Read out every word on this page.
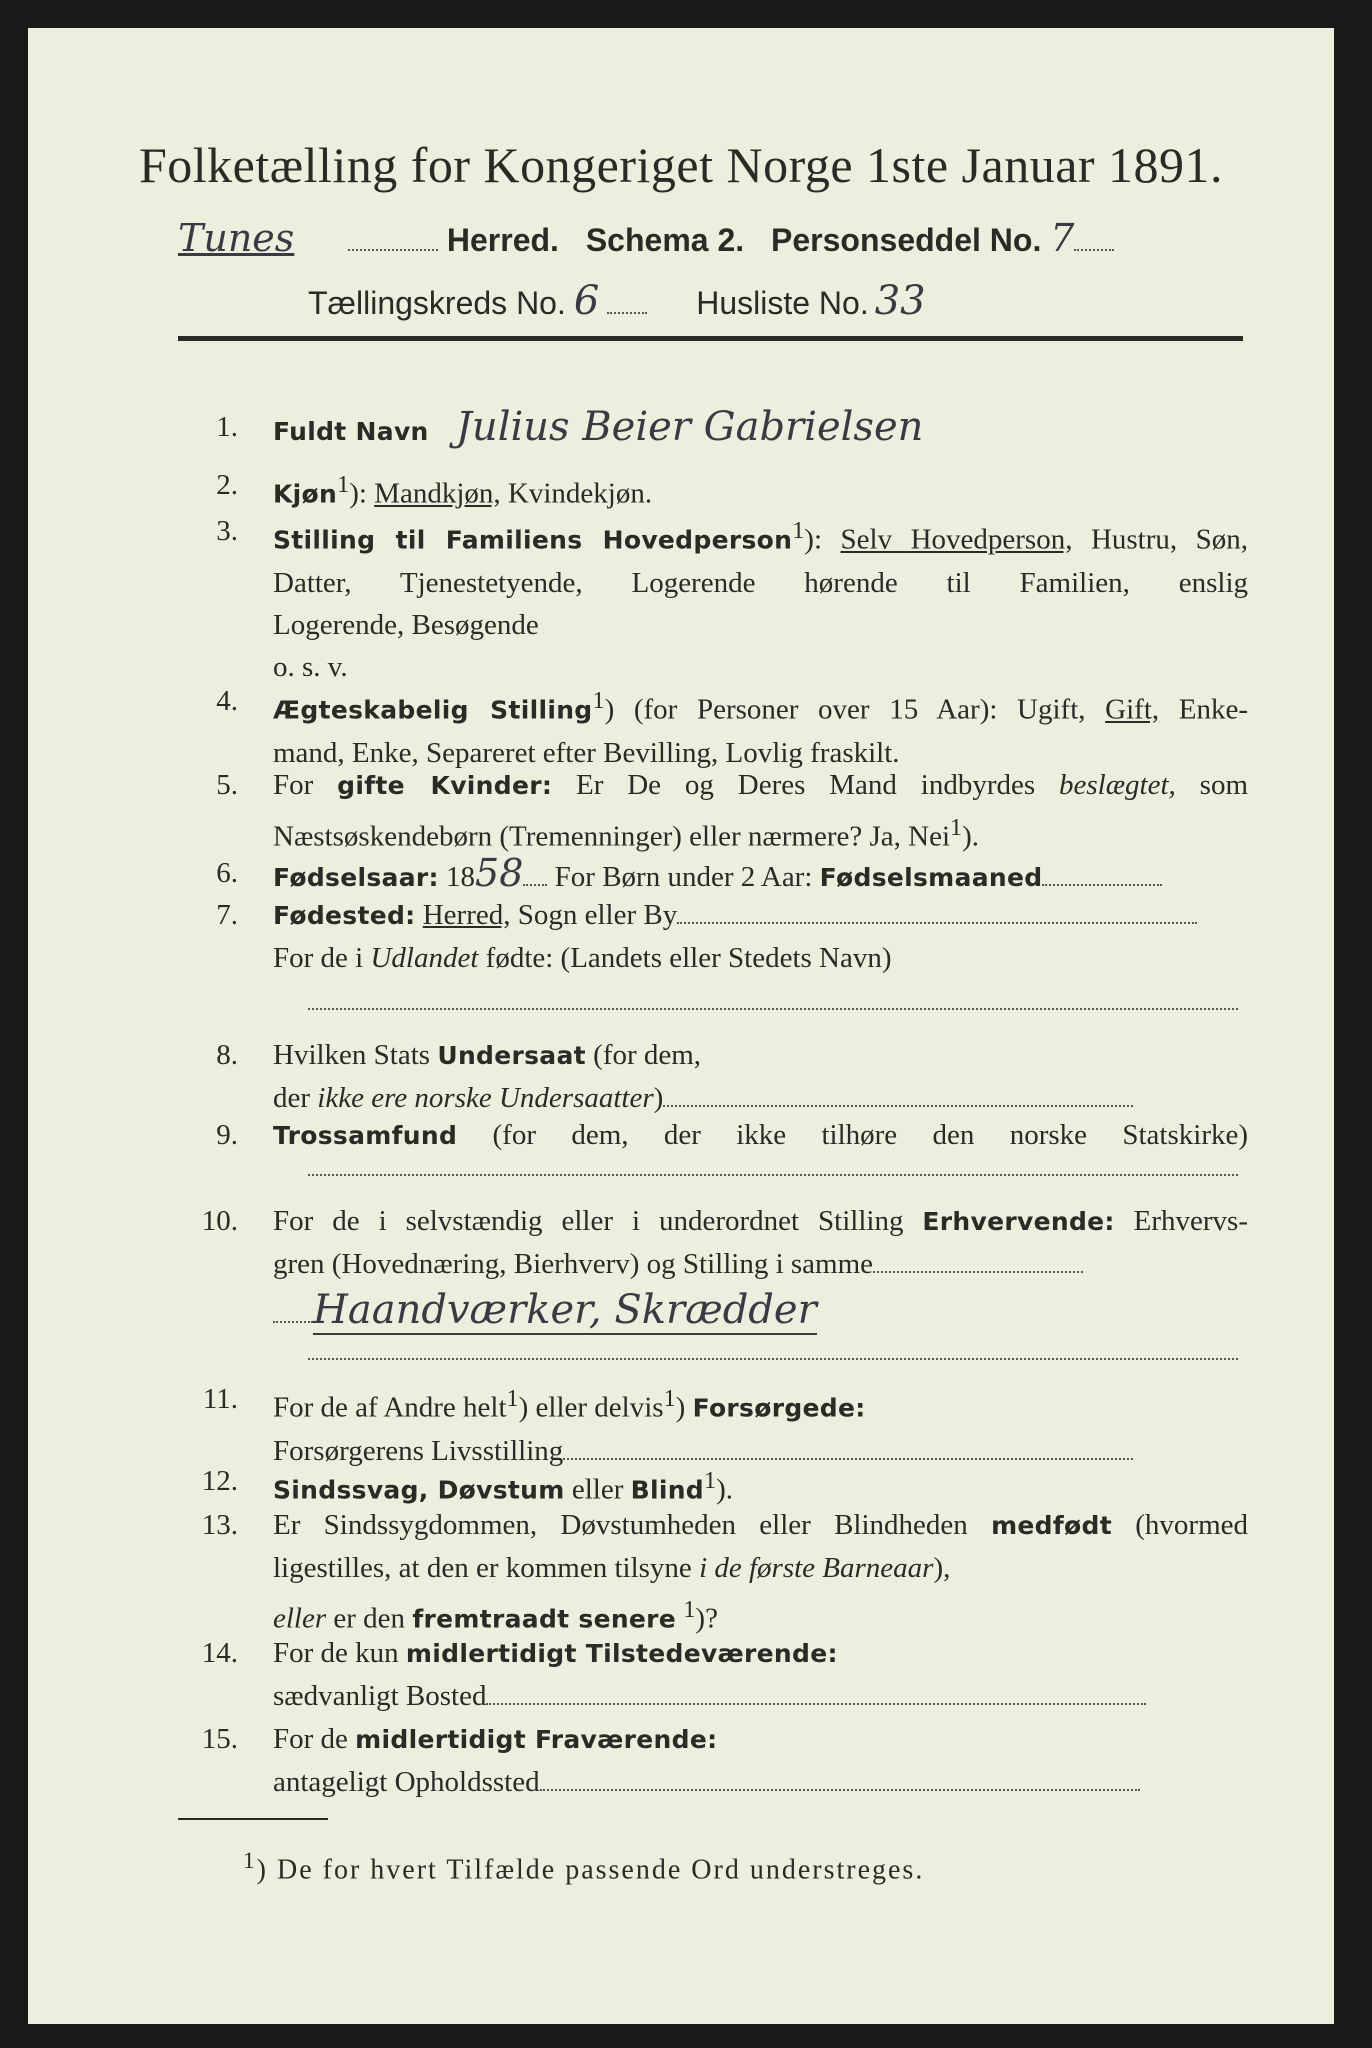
Folketælling for Kongeriget Norge 1ste Januar 1891.
Tunes	Herred. Schema 2. Personseddel No. 7
Tællingskreds No. 6	Husliste No. 33
1. Fuldt Navn Julius Beier Gabrielsen
2. Kjøn$^1$): Mandkjøn, Kvindekjøn.
3. Stilling til Familiens Hovedperson$^1$): Selv Hovedperson, Hustru, Søn,
Datter, Tjenestetyende, Logerende hørende til Familien, enslig
Logerende, Besøgende
o. s. v.
4. Ægteskabelig Stilling$^1$) (for Personer over 15 Aar): Ugift, Gift, Enke-
mand, Enke, Separeret efter Bevilling, Lovlig fraskilt.
5. For gifte Kvinder: Er De og Deres Mand indbyrdes beslægtet, som
Næstsøskendebørn (Tremenninger) eller nærmere? Ja, Nei$^1$).
6. Fødselsaar: 1858 For Børn under 2 Aar: Fødselsmaaned
7. Fødested: Herred, Sogn eller By
For de i Udlandet fødte: (Landets eller Stedets Navn)
8. Hvilken Stats Undersaat (for dem,
der ikke ere norske Undersaatter)
9. Trossamfund (for dem, der ikke tilhøre den norske Statskirke)
10. For de i selvstændig eller i underordnet Stilling Erhvervende: Erhvervs-
gren (Hovednæring, Bierhverv) og Stilling i samme
Haandværker, Skrædder
11. For de af Andre helt$^1$) eller delvis$^1$) Forsørgede:
Forsørgerens Livsstilling
12. Sindssvag, Døvstum eller Blind$^1$).
13. Er Sindssygdommen, Døvstumheden eller Blindheden medfødt (hvormed
ligestilles, at den er kommen tilsyne i de første Barneaar),
eller er den fremtraadt senere $^1$)?
14. For de kun midlertidigt Tilstedeværende:
sædvanligt Bosted
15. For de midlertidigt Fraværende:
antageligt Opholdssted
$^1$) De for hvert Tilfælde passende Ord understreges.
